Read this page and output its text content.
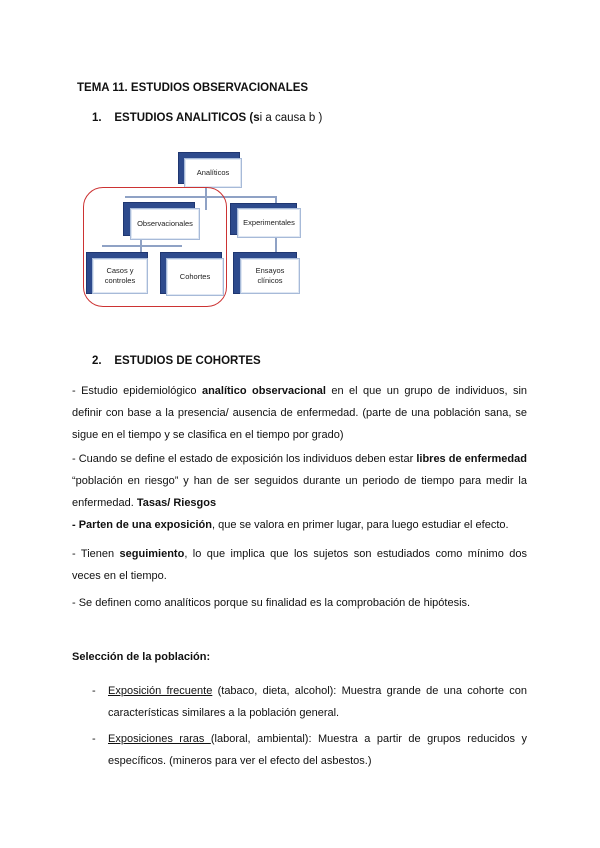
TEMA 11. ESTUDIOS OBSERVACIONALES
1. ESTUDIOS ANALITICOS (si a causa b )
Analíticos
Observacionales	Experimentales
Casos y controles	Cohortes
Ensayos clínicos
2. ESTUDIOS DE COHORTES
- Estudio epidemiológico analítico observacional en el que un grupo de individuos, sin definir con base a la presencia/ ausencia de enfermedad. (parte de una población sana, se sigue en el tiempo y se clasifica en el tiempo por grado)
- Cuando se define el estado de exposición los individuos deben estar libres de enfermedad “población en riesgo” y han de ser seguidos durante un periodo de tiempo para medir la enfermedad. Tasas/ Riesgos
- Parten de una exposición, que se valora en primer lugar, para luego estudiar el efecto.
- Tienen seguimiento, lo que implica que los sujetos son estudiados como mínimo dos veces en el tiempo.
- Se definen como analíticos porque su finalidad es la comprobación de hipótesis.
Selección de la población:
- Exposición frecuente (tabaco, dieta, alcohol): Muestra grande de una cohorte con características similares a la población general.
- Exposiciones raras (laboral, ambiental): Muestra a partir de grupos reducidos y específicos. (mineros para ver el efecto del asbestos.)
